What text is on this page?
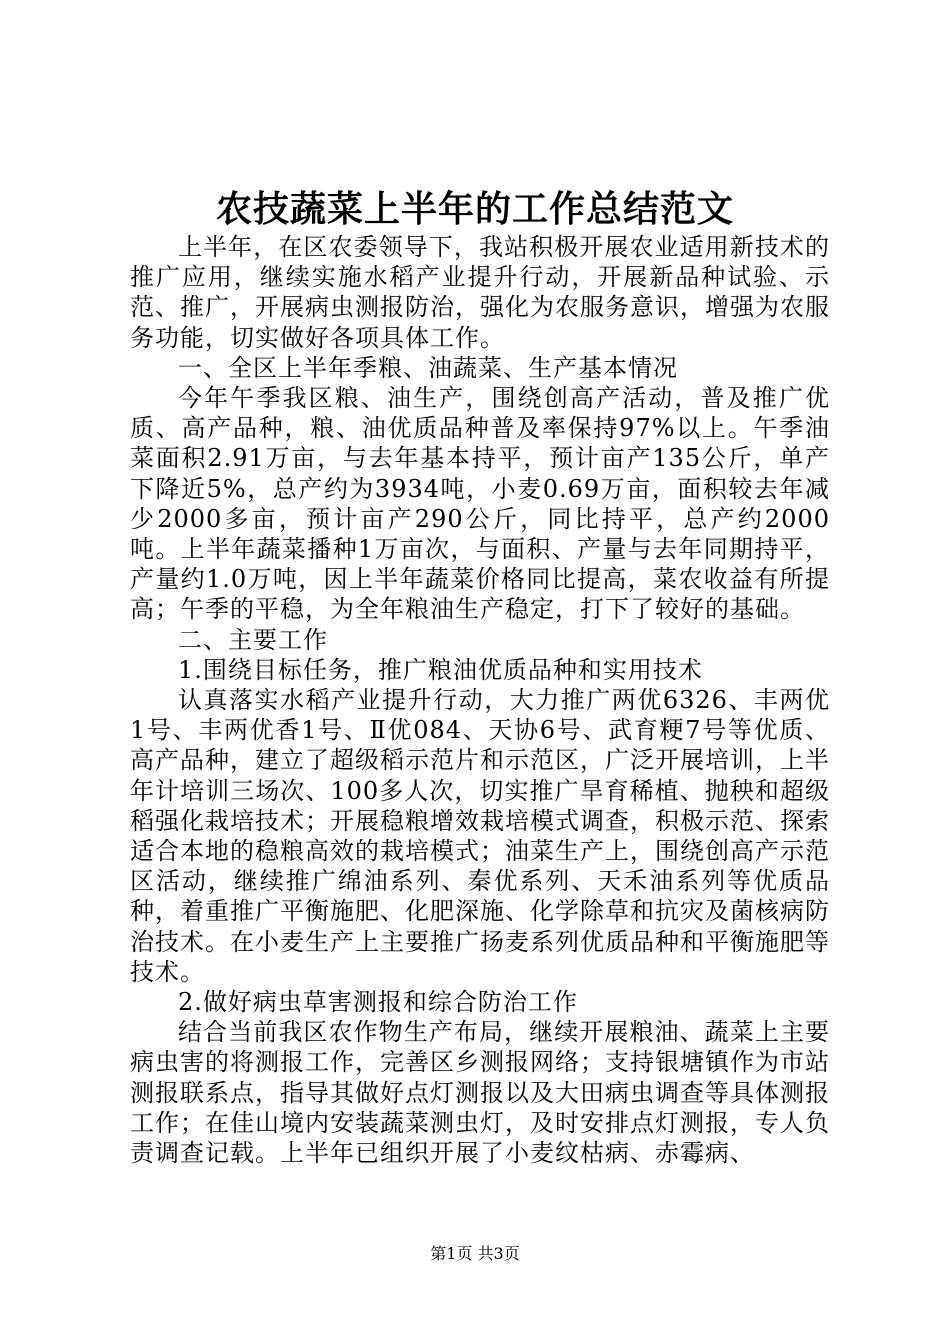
农技蔬菜上半年的工作总结范文

上半年，在区农委领导下，我站积极开展农业适用新技术的推广应用，继续实施水稻产业提升行动，开展新品种试验、示范、推广，开展病虫测报防治，强化为农服务意识，增强为农服务功能，切实做好各项具体工作。

一、全区上半年季粮、油蔬菜、生产基本情况

今年午季我区粮、油生产，围绕创高产活动，普及推广优质、高产品种，粮、油优质品种普及率保持97%以上。午季油菜面积2.91万亩，与去年基本持平，预计亩产135公斤，单产下降近5%，总产约为3934吨，小麦0.69万亩，面积较去年减少2000多亩，预计亩产290公斤，同比持平，总产约2000吨。上半年蔬菜播种1万亩次，与面积、产量与去年同期持平，产量约1.0万吨，因上半年蔬菜价格同比提高，菜农收益有所提高；午季的平稳，为全年粮油生产稳定，打下了较好的基础。

二、主要工作

1.围绕目标任务，推广粮油优质品种和实用技术

认真落实水稻产业提升行动，大力推广两优6326、丰两优1号、丰两优香1号、Ⅱ优084、天协6号、武育粳7号等优质、高产品种，建立了超级稻示范片和示范区，广泛开展培训，上半年计培训三场次、100多人次，切实推广旱育稀植、抛秧和超级稻强化栽培技术；开展稳粮增效栽培模式调查，积极示范、探索适合本地的稳粮高效的栽培模式；油菜生产上，围绕创高产示范区活动，继续推广绵油系列、秦优系列、天禾油系列等优质品种，着重推广平衡施肥、化肥深施、化学除草和抗灾及菌核病防治技术。在小麦生产上主要推广扬麦系列优质品种和平衡施肥等技术。

2.做好病虫草害测报和综合防治工作

结合当前我区农作物生产布局，继续开展粮油、蔬菜上主要病虫害的将测报工作，完善区乡测报网络；支持银塘镇作为市站测报联系点，指导其做好点灯测报以及大田病虫调查等具体测报工作；在佳山境内安装蔬菜测虫灯，及时安排点灯测报，专人负责调查记载。上半年已组织开展了小麦纹枯病、赤霉病、

第1页 共3页
